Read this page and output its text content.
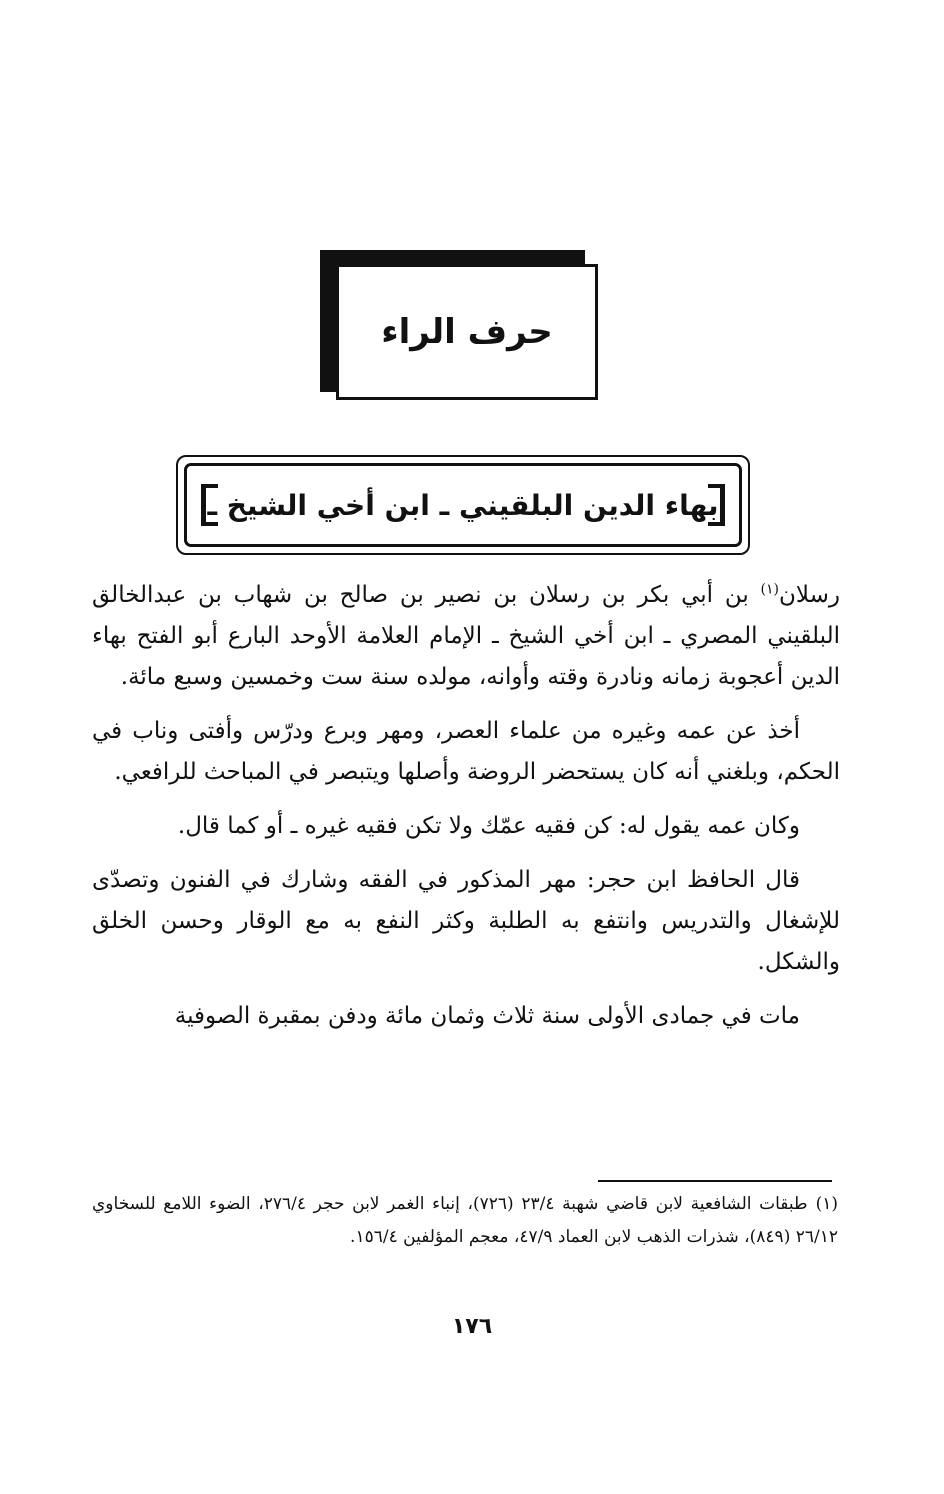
حرف الراء
بهاء الدين البلقيني ـ ابن أخي الشيخ ـ

رسلان$^{(١)}$ بن أبي بكر بن رسلان بن نصير بن صالح بن شهاب بن عبدالخالق البلقيني المصري ـ ابن أخي الشيخ ـ الإمام العلامة الأوحد البارع أبو الفتح بهاء الدين أعجوبة زمانه ونادرة وقته وأوانه، مولده سنة ست وخمسين وسبع مائة.

أخذ عن عمه وغيره من علماء العصر، ومهر وبرع ودرّس وأفتى وناب في الحكم، وبلغني أنه كان يستحضر الروضة وأصلها ويتبصر في المباحث للرافعي.

وكان عمه يقول له: كن فقيه عمّك ولا تكن فقيه غيره ـ أو كما قال.

قال الحافظ ابن حجر: مهر المذكور في الفقه وشارك في الفنون وتصدّى للإشغال والتدريس وانتفع به الطلبة وكثر النفع به مع الوقار وحسن الخلق والشكل.

مات في جمادى الأولى سنة ثلاث وثمان مائة ودفن بمقبرة الصوفية

(١)طبقات الشافعية لابن قاضي شهبة ٢٣/٤ (٧٢٦)، إنباء الغمر لابن حجر ٢٧٦/٤، الضوء اللامع للسخاوي ٢٦/١٢ (٨٤٩)، شذرات الذهب لابن العماد ٤٧/٩، معجم المؤلفين ١٥٦/٤.
١٧٦
